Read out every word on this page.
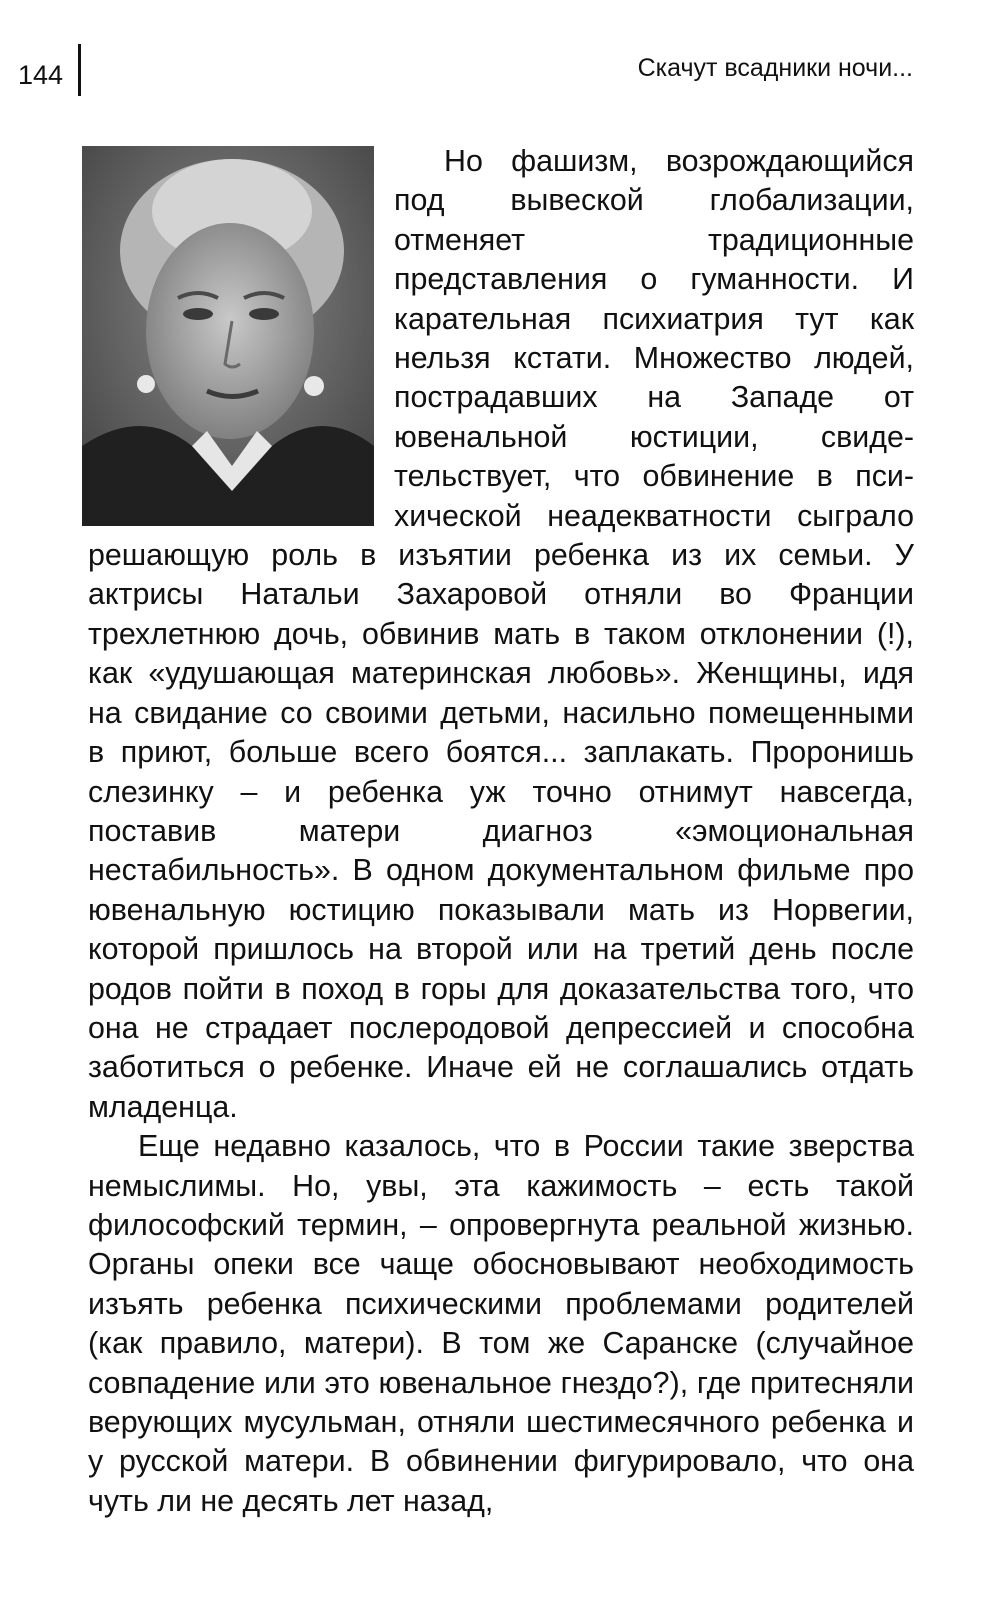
144	Скачут всадники ночи...

Но фашизм, возрождающийся под вывеской глобализации, отменяет традиционные представления о гуманности. И карательная психиатрия тут как нельзя кстати. Множество людей, пострадавших на Западе от ювенальной юстиции, свидетельствует, что обвинение в психической неадекватности сыграло решающую роль в изъятии ребенка из их семьи. У актрисы Натальи Захаровой отняли во Франции трехлетнюю дочь, обвинив мать в таком отклонении (!), как «удушающая материнская любовь». Женщины, идя на свидание со своими детьми, насильно помещенными в приют, больше всего боятся... заплакать. Проронишь слезинку – и ребенка уж точно отнимут навсегда, поставив матери диагноз «эмоциональная нестабильность». В одном документальном фильме про ювенальную юстицию показывали мать из Норвегии, которой пришлось на второй или на третий день после родов пойти в поход в горы для доказательства того, что она не страдает послеродовой депрессией и способна заботиться о ребенке. Иначе ей не соглашались отдать младенца.

Еще недавно казалось, что в России такие зверства немыслимы. Но, увы, эта кажимость – есть такой философский термин, – опровергнута реальной жизнью. Органы опеки все чаще обосновывают необходимость изъять ребенка психическими проблемами родителей (как правило, матери). В том же Саранске (случайное совпадение или это ювенальное гнездо?), где притесняли верующих мусульман, отняли шестимесячного ребенка и у русской матери. В обвинении фигурировало, что она чуть ли не десять лет назад,
